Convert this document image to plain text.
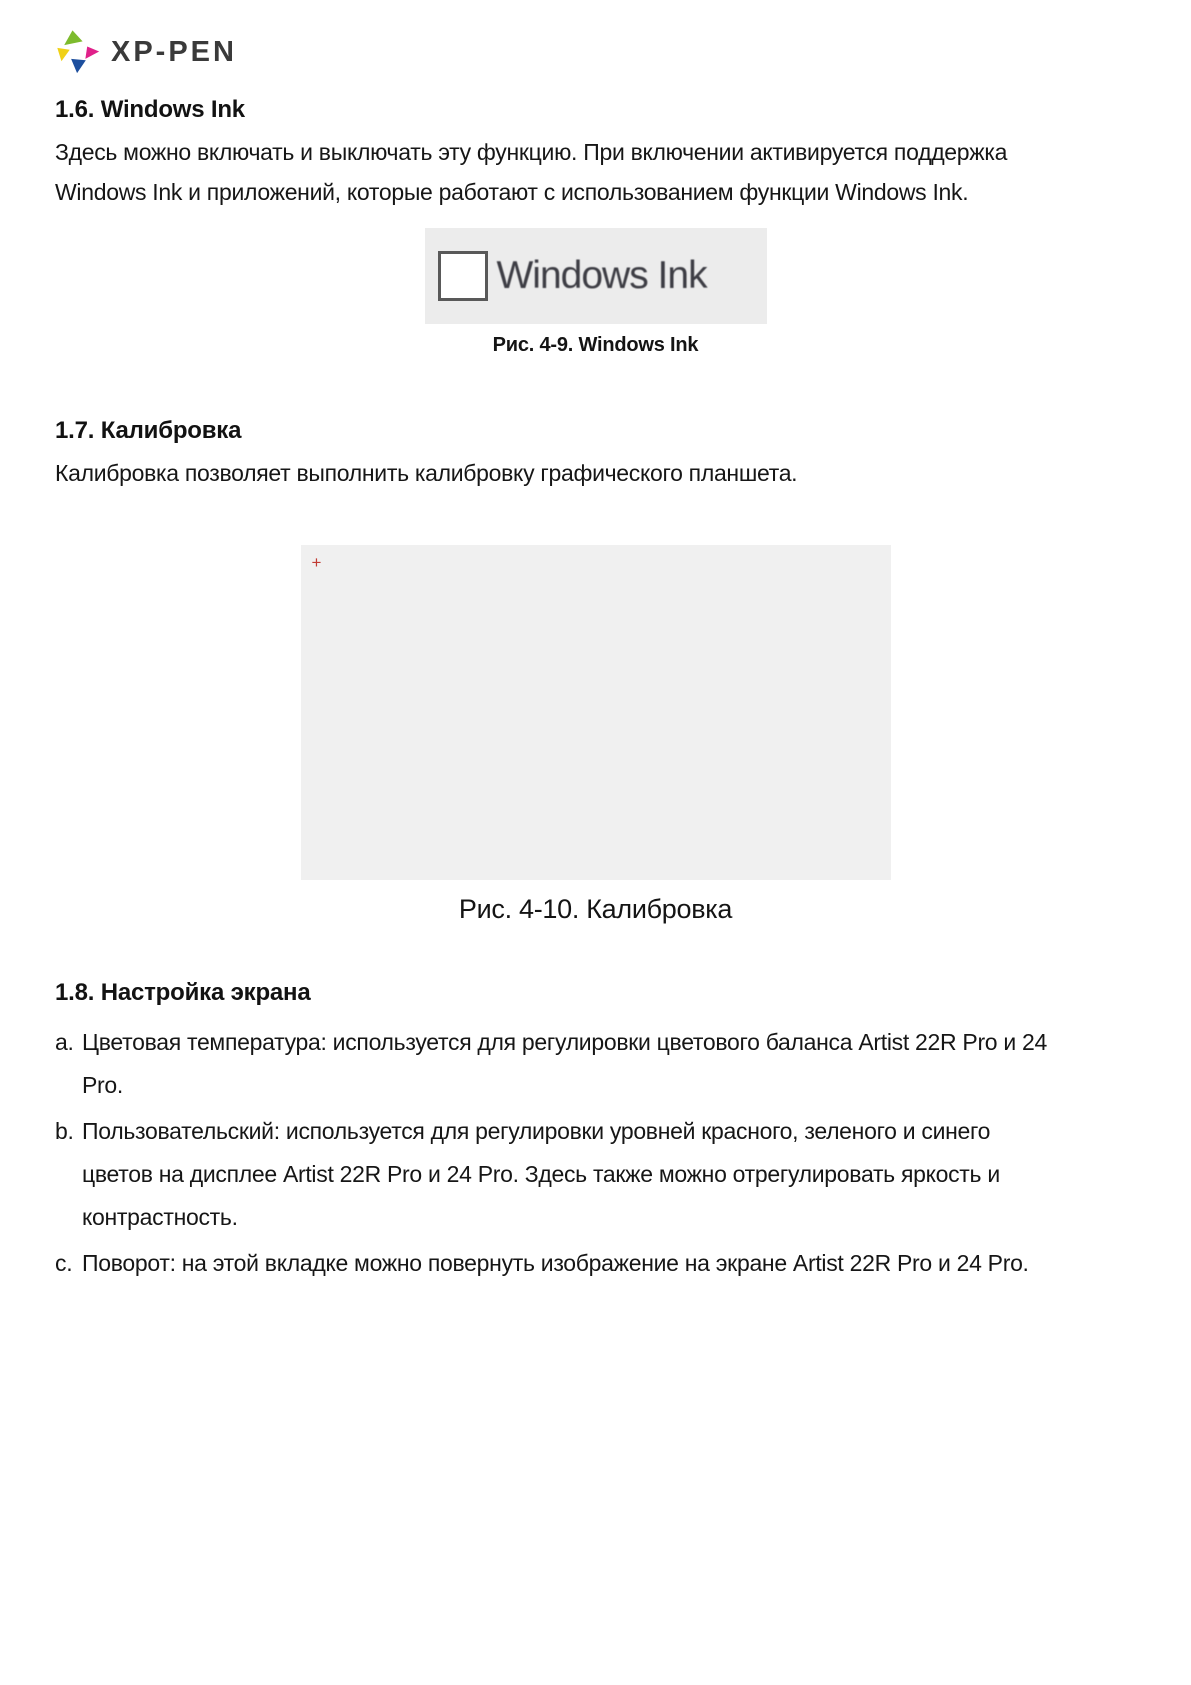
XP-PEN
1.6. Windows Ink

Здесь можно включать и выключать эту функцию. При включении активируется поддержка Windows Ink и приложений, которые работают с использованием функции Windows Ink.

Windows Ink
Рис. 4-9. Windows Ink
1.7. Калибровка

Калибровка позволяет выполнить калибровку графического планшета.

+
Рис. 4-10. Калибровка
1.8. Настройка экрана
a. Цветовая температура: используется для регулировки цветового баланса Artist 22R Pro и 24 Pro.
b. Пользовательский: используется для регулировки уровней красного, зеленого и синего цветов на дисплее Artist 22R Pro и 24 Pro. Здесь также можно отрегулировать яркость и контрастность.
c. Поворот: на этой вкладке можно повернуть изображение на экране Artist 22R Pro и 24 Pro.
